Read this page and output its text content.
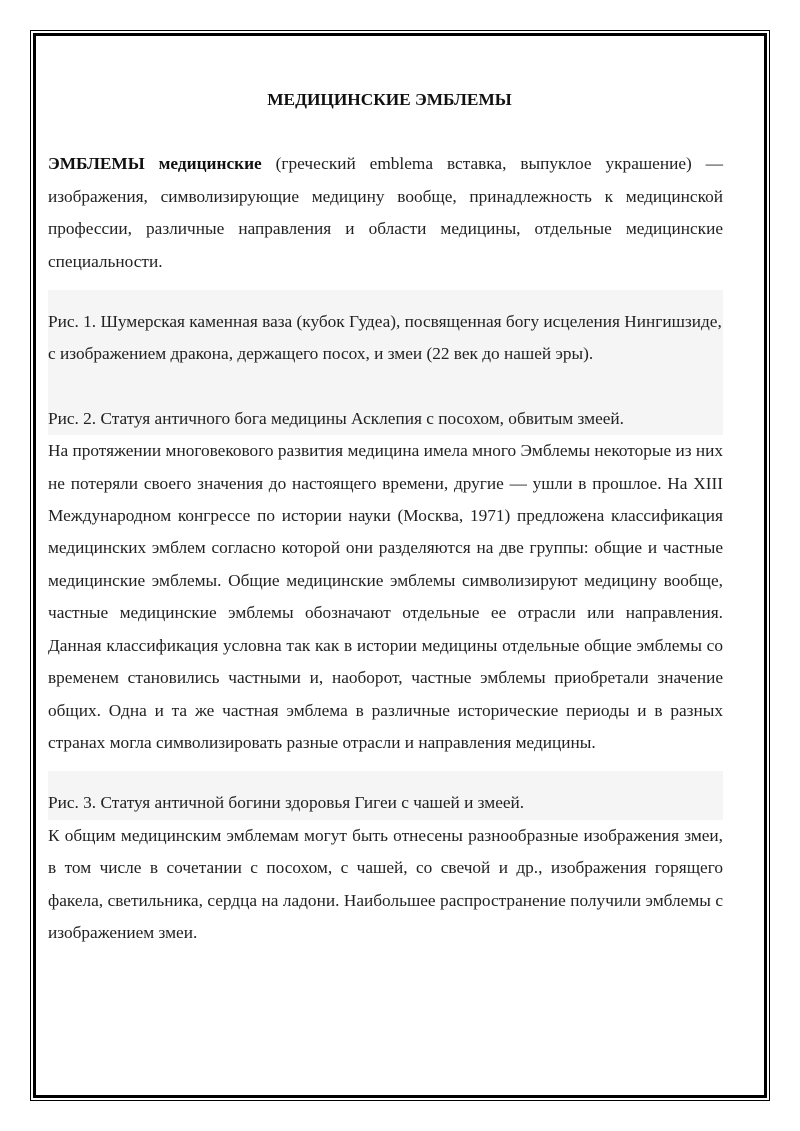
МЕДИЦИНСКИЕ ЭМБЛЕМЫ

ЭМБЛЕМЫ медицинские (греческий emblema вставка, выпуклое украшение) — изображения, символизирующие медицину вообще, принадлежность к медицинской профессии, различные направления и области медицины, отдельные медицинские специальности.

Рис. 1. Шумерская каменная ваза (кубок Гудеа), посвященная богу исцеления Нингишзиде, с изображением дракона, держащего посох, и змеи (22 век до нашей эры).

Рис. 2. Статуя античного бога медицины Асклепия с посохом, обвитым змеей.

На протяжении многовекового развития медицина имела много Эмблемы некоторые из них не потеряли своего значения до настоящего времени, другие — ушли в прошлое. На XIII Международном конгрессе по истории науки (Москва, 1971) предложена классификация медицинских эмблем согласно которой они разделяются на две группы: общие и частные медицинские эмблемы. Общие медицинские эмблемы символизируют медицину вообще, частные медицинские эмблемы обозначают отдельные ее отрасли или направления. Данная классификация условна так как в истории медицины отдельные общие эмблемы со временем становились частными и, наоборот, частные эмблемы приобретали значение общих. Одна и та же частная эмблема в различные исторические периоды и в разных странах могла символизировать разные отрасли и направления медицины.

Рис. 3. Статуя античной богини здоровья Гигеи с чашей и змеей.

К общим медицинским эмблемам могут быть отнесены разнообразные изображения змеи, в том числе в сочетании с посохом, с чашей, со свечой и др., изображения горящего факела, светильника, сердца на ладони. Наибольшее распространение получили эмблемы с изображением змеи.
